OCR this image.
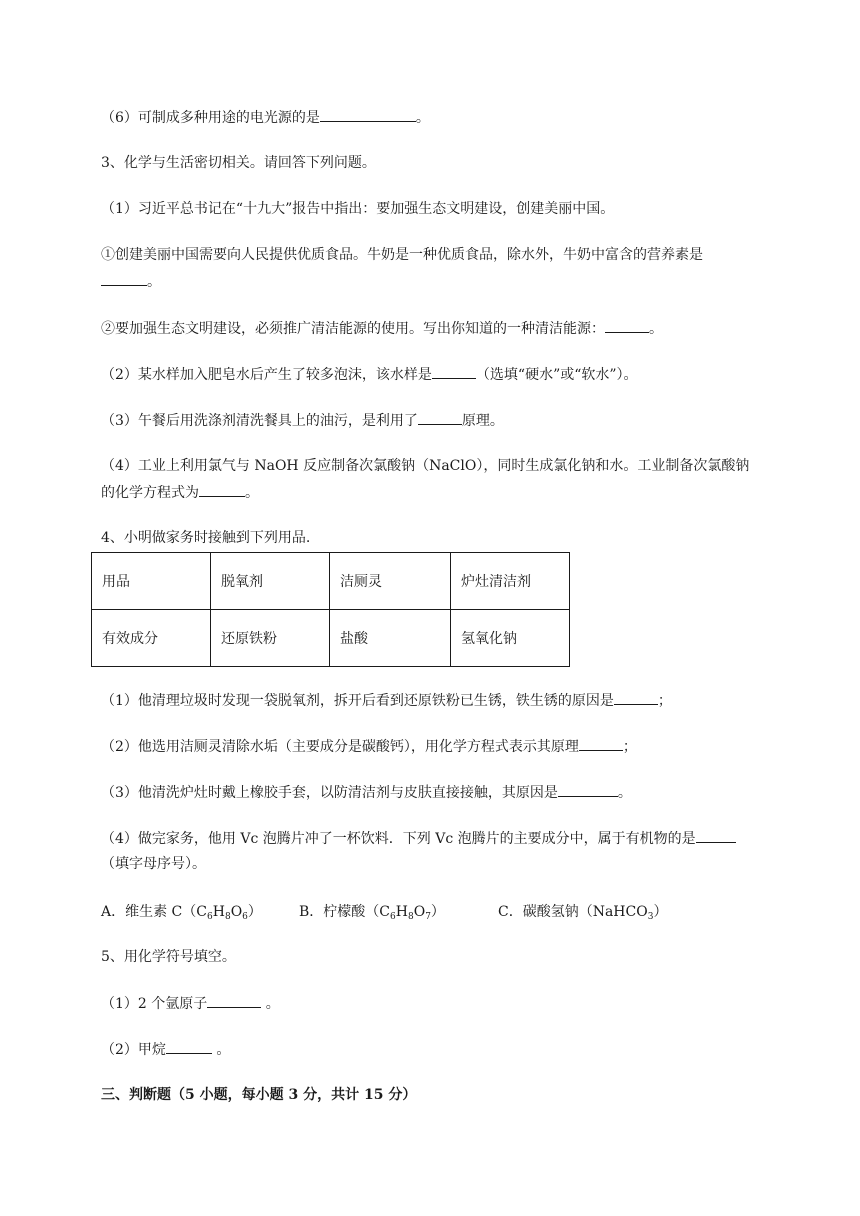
（6）可制成多种用途的电光源的是	。
3、化学与生活密切相关。请回答下列问题。
（1）习近平总书记在“十九大”报告中指出：要加强生态文明建设，创建美丽中国。
①创建美丽中国需要向人民提供优质食品。牛奶是一种优质食品，除水外，牛奶中富含的营养素是
。
②要加强生态文明建设，必须推广清洁能源的使用。写出你知道的一种清洁能源：	。
（2）某水样加入肥皂水后产生了较多泡沫，该水样是	（选填“硬水”或“软水”）。
（3）午餐后用洗涤剂清洗餐具上的油污，是利用了	原理。
（4）工业上利用氯气与 NaOH 反应制备次氯酸钠（NaClO），同时生成氯化钠和水。工业制备次氯酸钠
的化学方程式为	。
4、小明做家务时接触到下列用品.
用品	脱氧剂	洁厕灵	炉灶清洁剂
有效成分	还原铁粉	盐酸	氢氧化钠
（1）他清理垃圾时发现一袋脱氧剂，拆开后看到还原铁粉已生锈，铁生锈的原因是	；
（2）他选用洁厕灵清除水垢（主要成分是碳酸钙），用化学方程式表示其原理	；
（3）他清洗炉灶时戴上橡胶手套，以防清洁剂与皮肤直接接触，其原因是	。
（4）做完家务，他用 Vc 泡腾片冲了一杯饮料．下列 Vc 泡腾片的主要成分中，属于有机物的是
（填字母序号）。
A．维生素 $C(C_6H_8O_6)$	B．柠檬酸$(C_6H_8O_7)$	C．碳酸氢钠（NaHCO$_3$）
5、用化学符号填空。
（1）2 个氩原子	。
（2）甲烷	。
三、判断题（5 小题，每小题 3 分，共计 15 分）
